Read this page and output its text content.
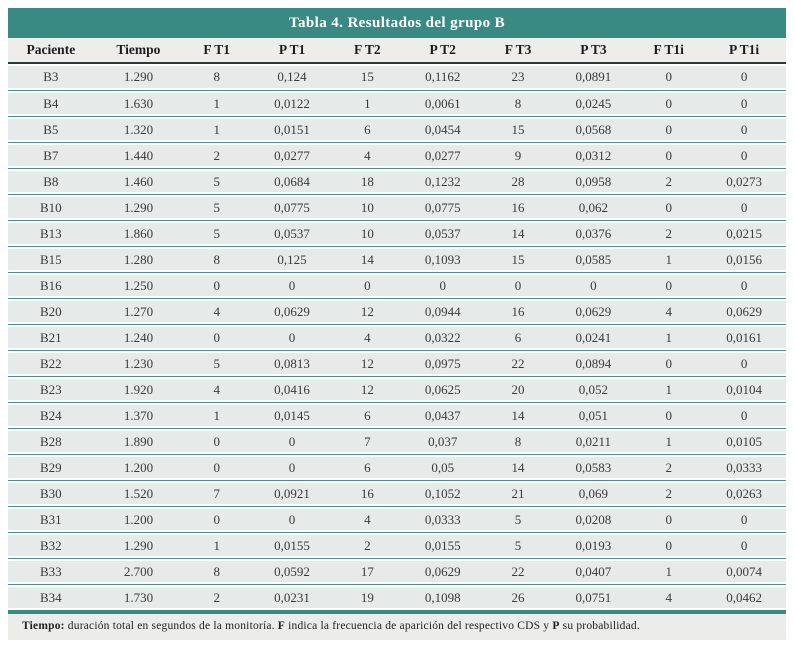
Tabla 4. Resultados del grupo B
Paciente	Tiempo	F T1	P T1	F T2	P T2	F T3	P T3	F T1i	P T1i
B3	1.290	8	0,124	15	0,1162	23	0,0891	0	0
B4	1.630	1	0,0122	1	0,0061	8	0,0245	0	0
B5	1.320	1	0,0151	6	0,0454	15	0,0568	0	0
B7	1.440	2	0,0277	4	0,0277	9	0,0312	0	0
B8	1.460	5	0,0684	18	0,1232	28	0,0958	2	0,0273
B10	1.290	5	0,0775	10	0,0775	16	0,062	0	0
B13	1.860	5	0,0537	10	0,0537	14	0,0376	2	0,0215
B15	1.280	8	0,125	14	0,1093	15	0,0585	1	0,0156
B16	1.250	0	0	0	0	0	0	0	0
B20	1.270	4	0,0629	12	0,0944	16	0,0629	4	0,0629
B21	1.240	0	0	4	0,0322	6	0,0241	1	0,0161
B22	1.230	5	0,0813	12	0,0975	22	0,0894	0	0
B23	1.920	4	0,0416	12	0,0625	20	0,052	1	0,0104
B24	1.370	1	0,0145	6	0,0437	14	0,051	0	0
B28	1.890	0	0	7	0,037	8	0,0211	1	0,0105
B29	1.200	0	0	6	0,05	14	0,0583	2	0,0333
B30	1.520	7	0,0921	16	0,1052	21	0,069	2	0,0263
B31	1.200	0	0	4	0,0333	5	0,0208	0	0
B32	1.290	1	0,0155	2	0,0155	5	0,0193	0	0
B33	2.700	8	0,0592	17	0,0629	22	0,0407	1	0,0074
B34	1.730	2	0,0231	19	0,1098	26	0,0751	4	0,0462
Tiempo: duración total en segundos de la monitoría. F indica la frecuencia de aparición del respectivo CDS y P su probabilidad.
